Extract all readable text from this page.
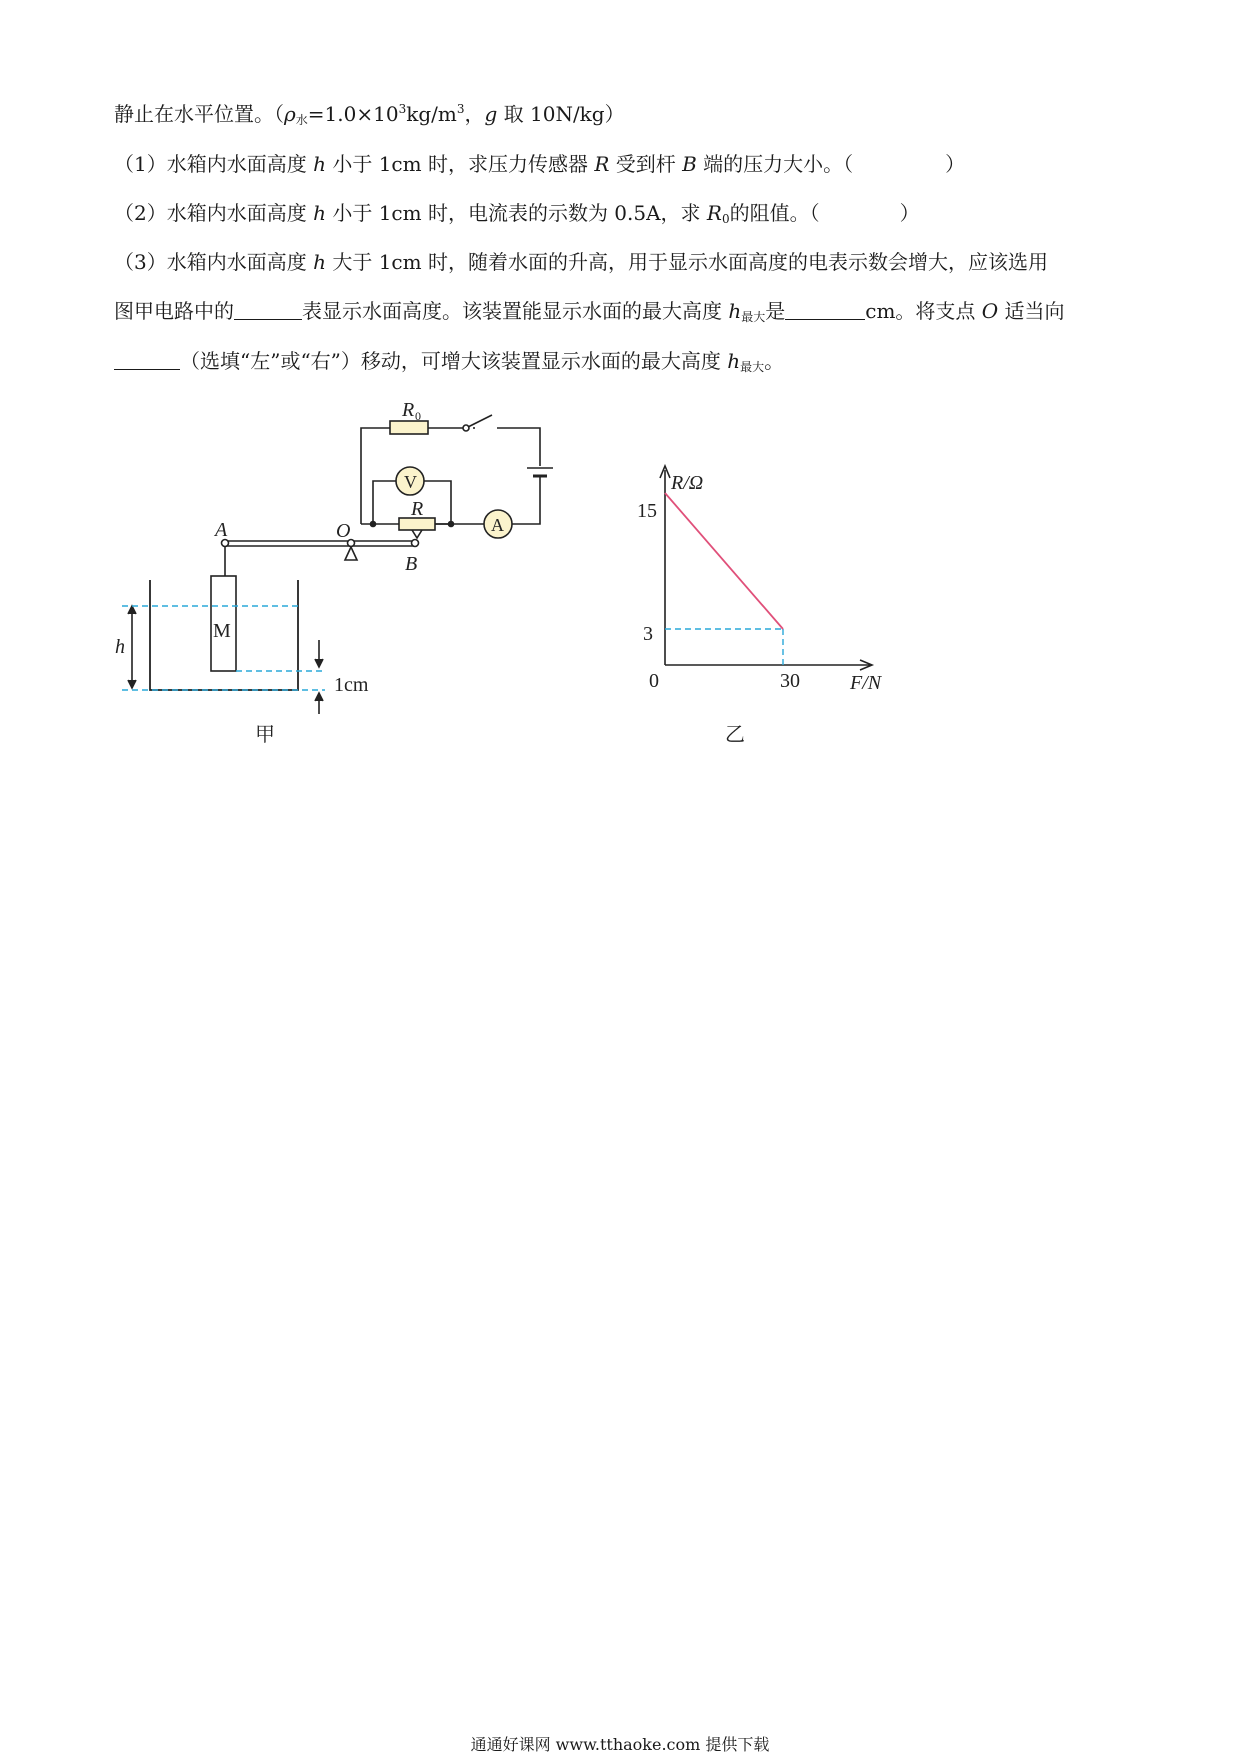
静止在水平位置。（$\rho_水=1.0\times 10^3kg/m^3$，g 取 10N/kg）
（1）水箱内水面高度 h 小于 1cm 时，求压力传感器 R 受到杆 B 端的压力大小。（	）
（2）水箱内水面高度 h 小于 1cm 时，电流表的示数为 0.5A，求 $R_0$的阻值。（	）
（3）水箱内水面高度 h 大于 1cm 时，随着水面的升高，用于显示水面高度的电表示数会增大，应该选用
图甲电路中的	表显示水面高度。该装置能显示水面的最大高度 $h_{最大}$是	cm。将支点 O 适当向
（选填“左”或“右”）移动，可增大该装置显示水面的最大高度 $h_{最大}$。
R 0
R
V
A
A	O
B
M
h
1cm
甲
R/Ω
F/N
0
15
3
30
乙
通通好课网 www.tthaoke.com 提供下载
